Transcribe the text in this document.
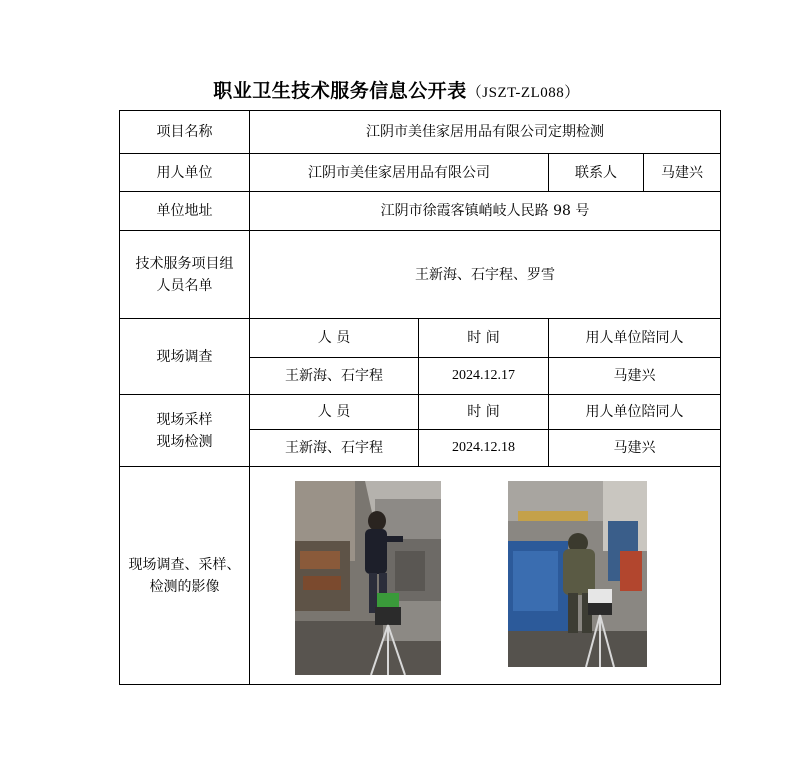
职业卫生技术服务信息公开表（JSZT-ZL088）
项目名称	江阴市美佳家居用品有限公司定期检测			
用人单位	江阴市美佳家居用品有限公司		联系人	马建兴
单位地址	江阴市徐霞客镇峭岐人民路 98 号			
技术服务项目组人员名单	王新海、石宇程、罗雪			
现场调查	人 员	时 间	用人单位陪同人	
	王新海、石宇程	2024.12.17	马建兴	
现场采样现场检测	人 员	时 间	用人单位陪同人	
	王新海、石宇程	2024.12.18	马建兴	
现场调查、采样、检测的影像	
